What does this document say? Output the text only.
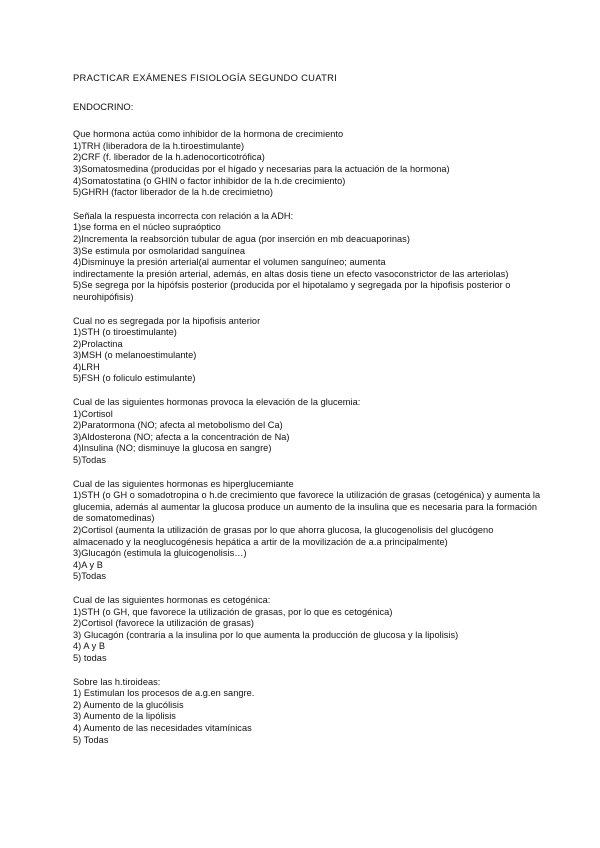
PRACTICAR EXÁMENES FISIOLOGÍA SEGUNDO CUATRI

ENDOCRINO:

Que hormona actúa como inhibidor de la hormona de crecimiento

1)TRH (liberadora de la h.tiroestimulante)

2)CRF (f. liberador de la h.adenocorticotrófica)

3)Somatosmedina (producidas por el hígado y necesarias para la actuación de la hormona)

4)Somatostatina (o GHIN o factor inhibidor de la h.de crecimiento)

5)GHRH (factor liberador de la h.de crecimietno)

Señala la respuesta incorrecta con relación a la ADH:

1)se forma en el núcleo supraóptico

2)Incrementa la reabsorción tubular de agua (por inserción en mb deacuaporinas)

3)Se estimula por osmolaridad sanguínea

4)Disminuye la presión arterial(al aumentar el volumen sanguíneo; aumenta

indirectamente la presión arterial, además, en altas dosis tiene un efecto vasoconstrictor de las arteriolas)

5)Se segrega por la hipófsis posterior (producida por el hipotalamo y segregada por la hipofisis posterior o neurohipófisis)

Cual no es segregada por la hipofisis anterior

1)STH (o tiroestimulante)

2)Prolactina

3)MSH (o melanoestimulante)

4)LRH

5)FSH (o foliculo estimulante)

Cual de las siguientes hormonas provoca la elevación de la glucemia:

1)Cortisol

2)Paratormona (NO; afecta al metobolismo del Ca)

3)Aldosterona (NO; afecta a la concentración de Na)

4)Insulina (NO; disminuye la glucosa en sangre)

5)Todas

Cual de las siguientes hormonas es hiperglucemiante

1)STH (o GH o somadotropina o h.de crecimiento que favorece la utilización de grasas (cetogénica) y aumenta la glucemia, además al aumentar la glucosa produce un aumento de la insulina que es necesaria para la formación de somatomedinas)

2)Cortisol (aumenta la utilización de grasas por lo que ahorra glucosa, la glucogenolisis del glucógeno almacenado y la neoglucogénesis hepática a artir de la movilización de a.a principalmente)

3)Glucagón (estimula la gluicogenolisis…)

4)A y B

5)Todas

Cual de las siguientes hormonas es cetogénica:

1)STH (o GH, que favorece la utilización de grasas, por lo que es cetogénica)

2)Cortisol (favorece la utilización de grasas)

3) Glucagón (contraria a la insulina por lo que aumenta la producción de glucosa y la lipolisis)

4) A y B

5) todas

Sobre las h.tiroideas:

1) Estimulan los procesos de a.g.en sangre.

2) Aumento de la glucólisis

3) Aumento de la lipólisis

4) Aumento de las necesidades vitamínicas

5) Todas
